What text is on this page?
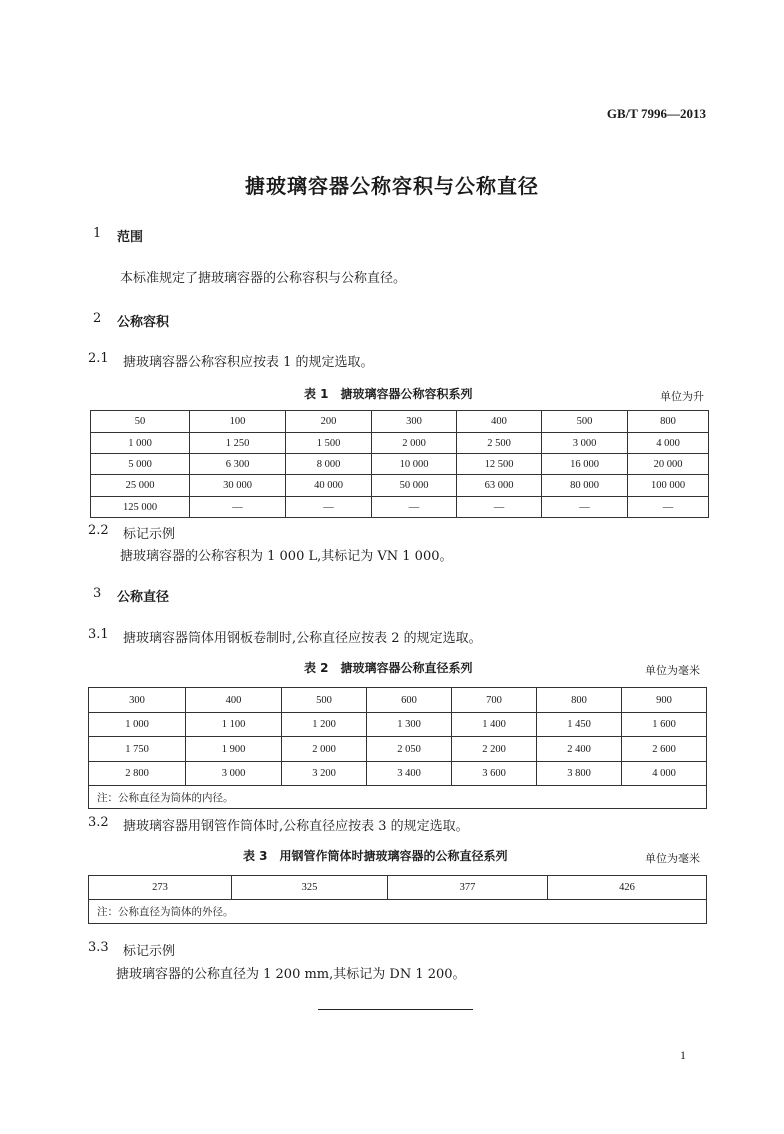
GB/T 7996—2013
搪玻璃容器公称容积与公称直径
1 范围
本标准规定了搪玻璃容器的公称容积与公称直径。
2 公称容积
2.1 搪玻璃容器公称容积应按表 1 的规定选取。
表 1　搪玻璃容器公称容积系列	单位为升
50	100	200	300	400	500	800
1 000	1 250	1 500	2 000	2 500	3 000	4 000
5 000	6 300	8 000	10 000	12 500	16 000	20 000
25 000	30 000	40 000	50 000	63 000	80 000	100 000
125 000	—	—	—	—	—	—
2.2 标记示例
搪玻璃容器的公称容积为 1 000 L,其标记为 VN 1 000。
3 公称直径
3.1 搪玻璃容器筒体用钢板卷制时,公称直径应按表 2 的规定选取。
表 2　搪玻璃容器公称直径系列	单位为毫米
300	400	500	600	700	800	900
1 000	1 100	1 200	1 300	1 400	1 450	1 600
1 750	1 900	2 000	2 050	2 200	2 400	2 600
2 800	3 000	3 200	3 400	3 600	3 800	4 000
注：公称直径为筒体的内径。						
3.2 搪玻璃容器用钢管作筒体时,公称直径应按表 3 的规定选取。
表 3　用钢管作筒体时搪玻璃容器的公称直径系列	单位为毫米
273	325	377	426
注：公称直径为筒体的外径。
3.3 标记示例
搪玻璃容器的公称直径为 1 200 mm,其标记为 DN 1 200。
1
